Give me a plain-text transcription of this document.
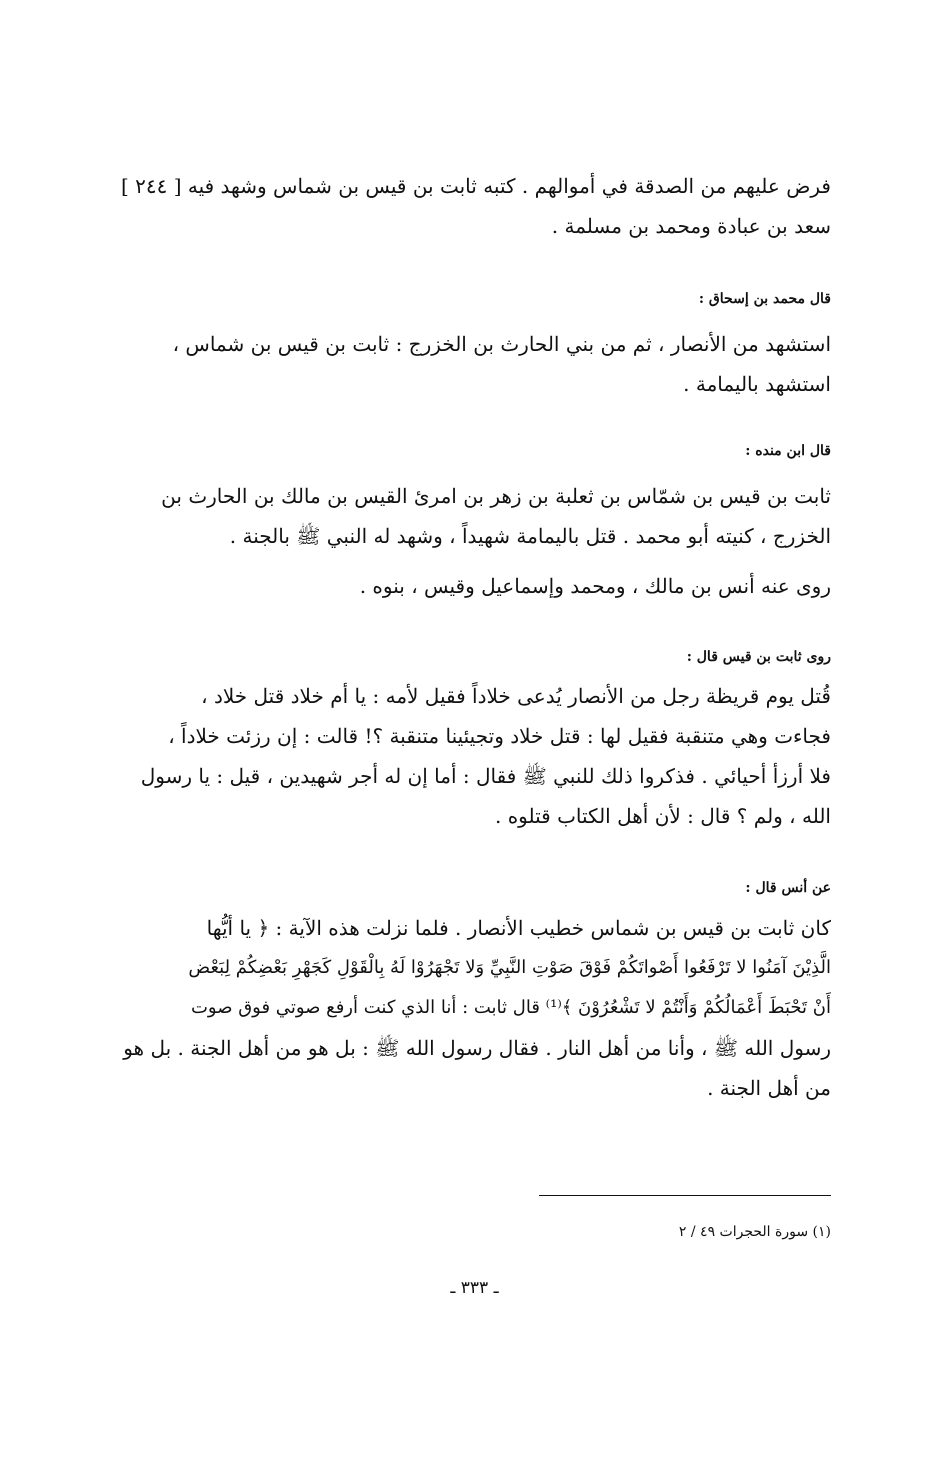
فرض عليهم من الصدقة في أموالهم . كتبه ثابت بن قيس بن شماس وشهد فيه [ ٢٤٤ ]
سعد بن عبادة ومحمد بن مسلمة .
قال محمد بن إسحاق :
استشهد من الأنصار ، ثم من بني الحارث بن الخزرج : ثابت بن قيس بن شماس ،
استشهد باليمامة .
قال ابن منده :
ثابت بن قيس بن شمّاس بن ثعلبة بن زهر بن امرئ القيس بن مالك بن الحارث بن
الخزرج ، كنيته أبو محمد . قتل باليمامة شهيداً ، وشهد له النبي ﷺ بالجنة .
روى عنه أنس بن مالك ، ومحمد وإسماعيل وقيس ، بنوه .
روى ثابت بن قيس قال :
قُتل يوم قريظة رجل من الأنصار يُدعى خلاداً فقيل لأمه : يا أم خلاد قتل خلاد ،
فجاءت وهي متنقبة فقيل لها : قتل خلاد وتجيئينا متنقبة ؟! قالت : إن رزئت خلاداً ،
فلا أرزأ أحيائي . فذكروا ذلك للنبي ﷺ فقال : أما إن له أجر شهيدين ، قيل : يا رسول
الله ، ولم ؟ قال : لأن أهل الكتاب قتلوه .
عن أنس قال :
كان ثابت بن قيس بن شماس خطيب الأنصار . فلما نزلت هذه الآية : ﴿ يا أيُّها
الَّذِيْنَ آمَنُوا لا تَرْفَعُوا أَصْواتَكُمْ فَوْقَ صَوْتِ النَّبِيِّ وَلا تَجْهَرُوْا لَهُ بِالْقَوْلِ كَجَهْرِ بَعْضِكُمْ لِبَعْض
أَنْ تَحْبَطَ أَعْمَالُكُمْ وَأَنْتُمْ لا تَشْعُرُوْنَ ﴾⁽¹⁾ قال ثابت : أنا الذي كنت أرفع صوتي فوق صوت
رسول الله ﷺ ، وأنا من أهل النار . فقال رسول الله ﷺ : بل هو من أهل الجنة . بل هو
من أهل الجنة .
(١) سورة الحجرات ٤٩ / ٢
ـ ٣٣٣ ـ
